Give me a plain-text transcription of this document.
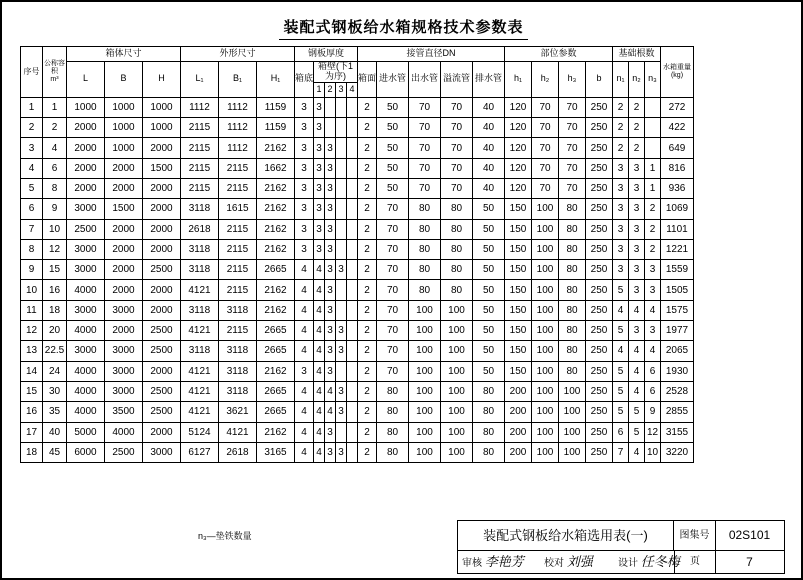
装配式钢板给水箱规格技术参数表
序号	
公称容积
m³
	箱体尺寸	外形尺寸	钢板厚度	接管直径DN	部位参数	基础根数	
水箱重量
(kg)

		L	B	H	L₁	B₁	H₁	箱底	箱壁(下1为序)				箱面	进水管	出水管	溢流管	排水管	h₁	h₂	h₃	b	n₁	n₂	n₃	
									1	2	3	4													
1	1	1000	1000	1000	1112	1112	1159	3	3				2	50	70	70	40	120	70	70	250	2	2		272
2	2	2000	1000	1000	2115	1112	1159	3	3				2	50	70	70	40	120	70	70	250	2	2		422
3	4	2000	1000	2000	2115	1112	2162	3	3	3			2	50	70	70	40	120	70	70	250	2	2		649
4	6	2000	2000	1500	2115	2115	1662	3	3	3			2	50	70	70	40	120	70	70	250	3	3	1	816
5	8	2000	2000	2000	2115	2115	2162	3	3	3			2	50	70	70	40	120	70	70	250	3	3	1	936
6	9	3000	1500	2000	3118	1615	2162	3	3	3			2	70	80	80	50	150	100	80	250	3	3	2	1069
7	10	2500	2000	2000	2618	2115	2162	3	3	3			2	70	80	80	50	150	100	80	250	3	3	2	1101
8	12	3000	2000	2000	3118	2115	2162	3	3	3			2	70	80	80	50	150	100	80	250	3	3	2	1221
9	15	3000	2000	2500	3118	2115	2665	4	4	3	3		2	70	80	80	50	150	100	80	250	3	3	3	1559
10	16	4000	2000	2000	4121	2115	2162	4	4	3			2	70	80	80	50	150	100	80	250	5	3	3	1505
11	18	3000	3000	2000	3118	3118	2162	4	4	3			2	70	100	100	50	150	100	80	250	4	4	4	1575
12	20	4000	2000	2500	4121	2115	2665	4	4	3	3		2	70	100	100	50	150	100	80	250	5	3	3	1977
13	22.5	3000	3000	2500	3118	3118	2665	4	4	3	3		2	70	100	100	50	150	100	80	250	4	4	4	2065
14	24	4000	3000	2000	4121	3118	2162	3	4	3			2	70	100	100	50	150	100	80	250	5	4	6	1930
15	30	4000	3000	2500	4121	3118	2665	4	4	4	3		2	80	100	100	80	200	100	100	250	5	4	6	2528
16	35	4000	3500	2500	4121	3621	2665	4	4	4	3		2	80	100	100	80	200	100	100	250	5	5	9	2855
17	40	5000	4000	2000	5124	4121	2162	4	4	3			2	80	100	100	80	200	100	100	250	6	5	12	3155
18	45	6000	2500	3000	6127	2618	3165	4	4	3	3		2	80	100	100	80	200	100	100	250	7	4	10	3220
n₃—垫铁数量	装配式钢板给水箱选用表(一)	图集号	02S101
审核 李艳芳 校对 刘强	设计 任冬梅	页	7
